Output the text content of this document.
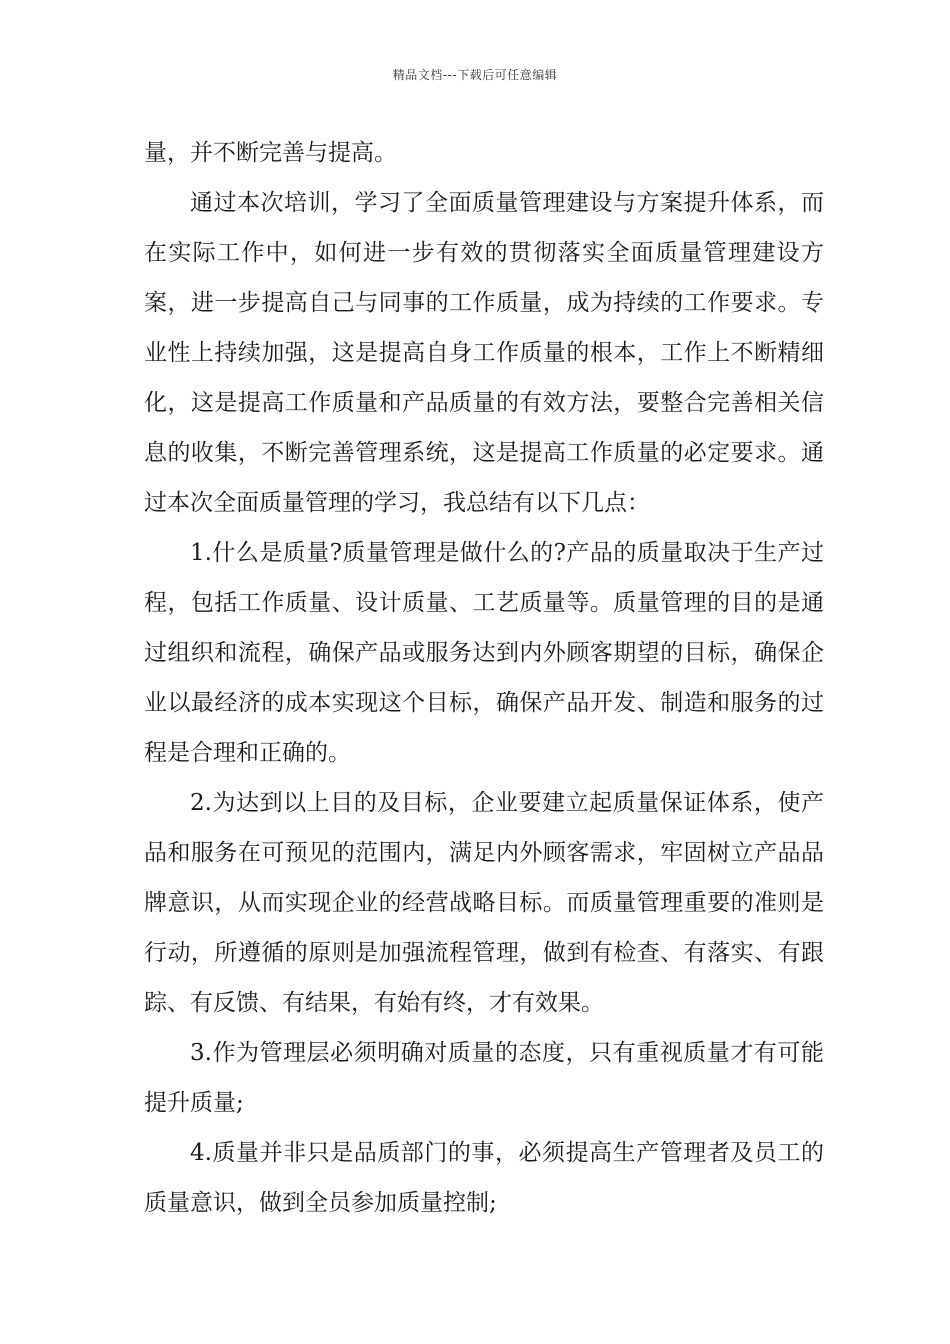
精品文档---下载后可任意编辑

量，并不断完善与提高。

通过本次培训，学习了全面质量管理建设与方案提升体系，而在实际工作中，如何进一步有效的贯彻落实全面质量管理建设方案，进一步提高自己与同事的工作质量，成为持续的工作要求。专业性上持续加强，这是提高自身工作质量的根本，工作上不断精细化，这是提高工作质量和产品质量的有效方法，要整合完善相关信息的收集，不断完善管理系统，这是提高工作质量的必定要求。通过本次全面质量管理的学习，我总结有以下几点：

1.什么是质量?质量管理是做什么的?产品的质量取决于生产过程，包括工作质量、设计质量、工艺质量等。质量管理的目的是通过组织和流程，确保产品或服务达到内外顾客期望的目标，确保企业以最经济的成本实现这个目标，确保产品开发、制造和服务的过程是合理和正确的。

2.为达到以上目的及目标，企业要建立起质量保证体系，使产品和服务在可预见的范围内，满足内外顾客需求，牢固树立产品品牌意识，从而实现企业的经营战略目标。而质量管理重要的准则是行动，所遵循的原则是加强流程管理，做到有检查、有落实、有跟踪、有反馈、有结果，有始有终，才有效果。

3.作为管理层必须明确对质量的态度，只有重视质量才有可能提升质量;

4.质量并非只是品质部门的事，必须提高生产管理者及员工的质量意识，做到全员参加质量控制;
